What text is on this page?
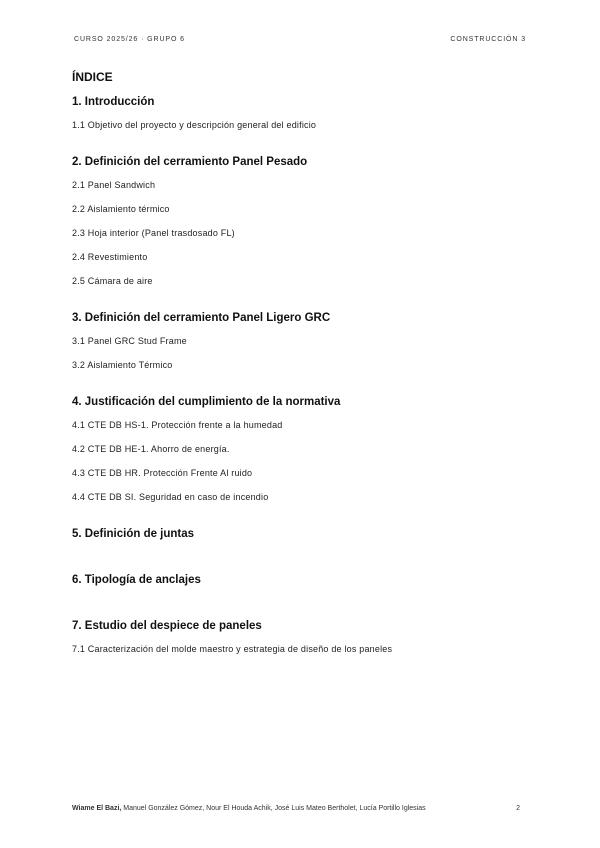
CURSO 2025/26 · GRUPO 6	CONSTRUCCIÓN 3
ÍNDICE
1. Introducción
1.1 Objetivo del proyecto y descripción general del edificio
2. Definición del cerramiento Panel Pesado
2.1 Panel Sandwich
2.2 Aislamiento térmico
2.3 Hoja interior (Panel trasdosado FL)
2.4 Revestimiento
2.5 Cámara de aire
3. Definición del cerramiento Panel Ligero GRC
3.1 Panel GRC Stud Frame
3.2 Aislamiento Térmico
4. Justificación del cumplimiento de la normativa
4.1 CTE DB HS-1. Protección frente a la humedad
4.2 CTE DB HE-1. Ahorro de energía.
4.3 CTE DB HR. Protección Frente Al ruido
4.4 CTE DB SI. Seguridad en caso de incendio
5. Definición de juntas
6. Tipología de anclajes
7. Estudio del despiece de paneles
7.1 Caracterización del molde maestro y estrategia de diseño de los paneles
Wiame El Bazi, Manuel González Gómez, Nour El Houda Achik, José Luis Mateo Bertholet, Lucía Portillo Iglesias	2
